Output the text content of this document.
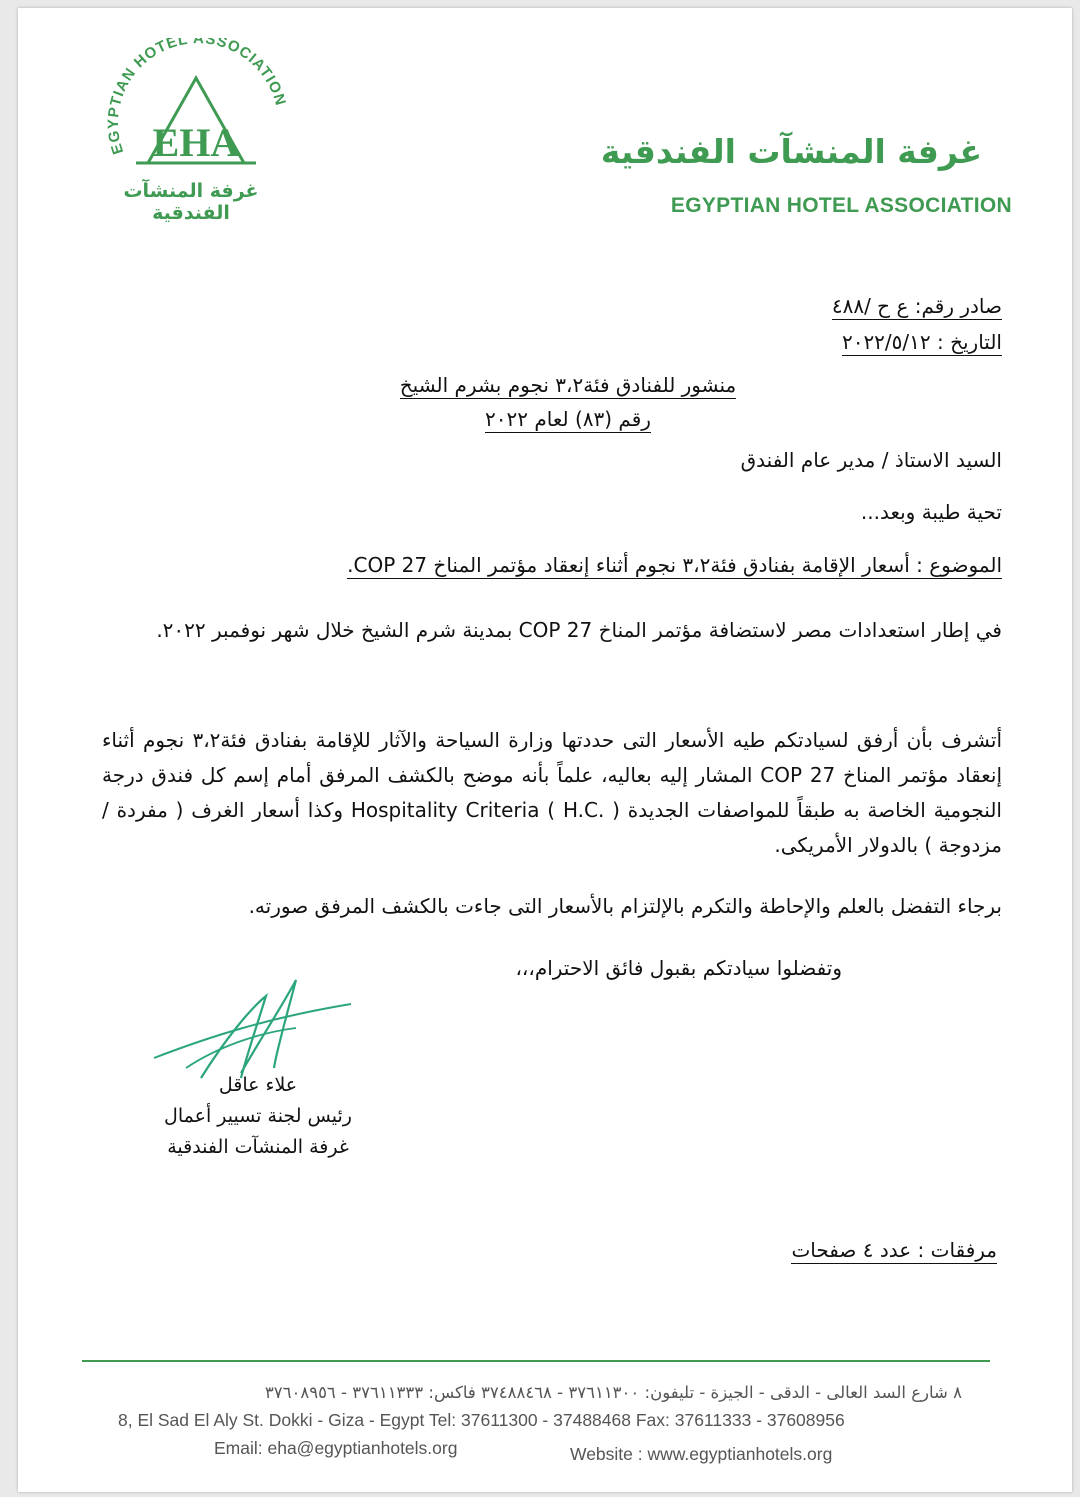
EGYPTIAN HOTEL ASSOCIATION
EHA
غرفة المنشآت الفندقية
غرفة المنشآت الفندقية
EGYPTIAN HOTEL ASSOCIATION
صادر رقم: ع ح /٤٨٨
التاريخ : ٢٠٢٢/٥/١٢
منشور للفنادق فئة٣،٢ نجوم بشرم الشيخ
رقم (٨٣) لعام ٢٠٢٢
السيد الاستاذ / مدير عام الفندق
تحية طيبة وبعد...
الموضوع : أسعار الإقامة بفنادق فئة٣،٢ نجوم أثناء إنعقاد مؤتمر المناخ COP 27.
في إطار استعدادات مصر لاستضافة مؤتمر المناخ COP 27 بمدينة شرم الشيخ خلال شهر نوفمبر ٢٠٢٢.
أتشرف بأن أرفق لسيادتكم طيه الأسعار التى حددتها وزارة السياحة والآثار للإقامة بفنادق فئة٣،٢ نجوم أثناء إنعقاد مؤتمر المناخ COP 27 المشار إليه بعاليه، علماً بأنه موضح بالكشف المرفق أمام إسم كل فندق درجة النجومية الخاصة به طبقاً للمواصفات الجديدة Hospitality Criteria ( H.C. ) وكذا أسعار الغرف ( مفردة / مزدوجة ) بالدولار الأمريكى.
برجاء التفضل بالعلم والإحاطة والتكرم بالإلتزام بالأسعار التى جاءت بالكشف المرفق صورته.
وتفضلوا سيادتكم بقبول فائق الاحترام،،،
علاء عاقل
رئيس لجنة تسيير أعمال
غرفة المنشآت الفندقية
مرفقات : عدد ٤ صفحات
٨ شارع السد العالى - الدقى - الجيزة - تليفون: ٣٧٦١١٣٠٠ - ٣٧٤٨٨٤٦٨ فاكس: ٣٧٦١١٣٣٣ - ٣٧٦٠٨٩٥٦
8, El Sad El Aly St. Dokki - Giza - Egypt Tel: 37611300 - 37488468 Fax: 37611333 - 37608956
Email: eha@egyptianhotels.org	Website : www.egyptianhotels.org
